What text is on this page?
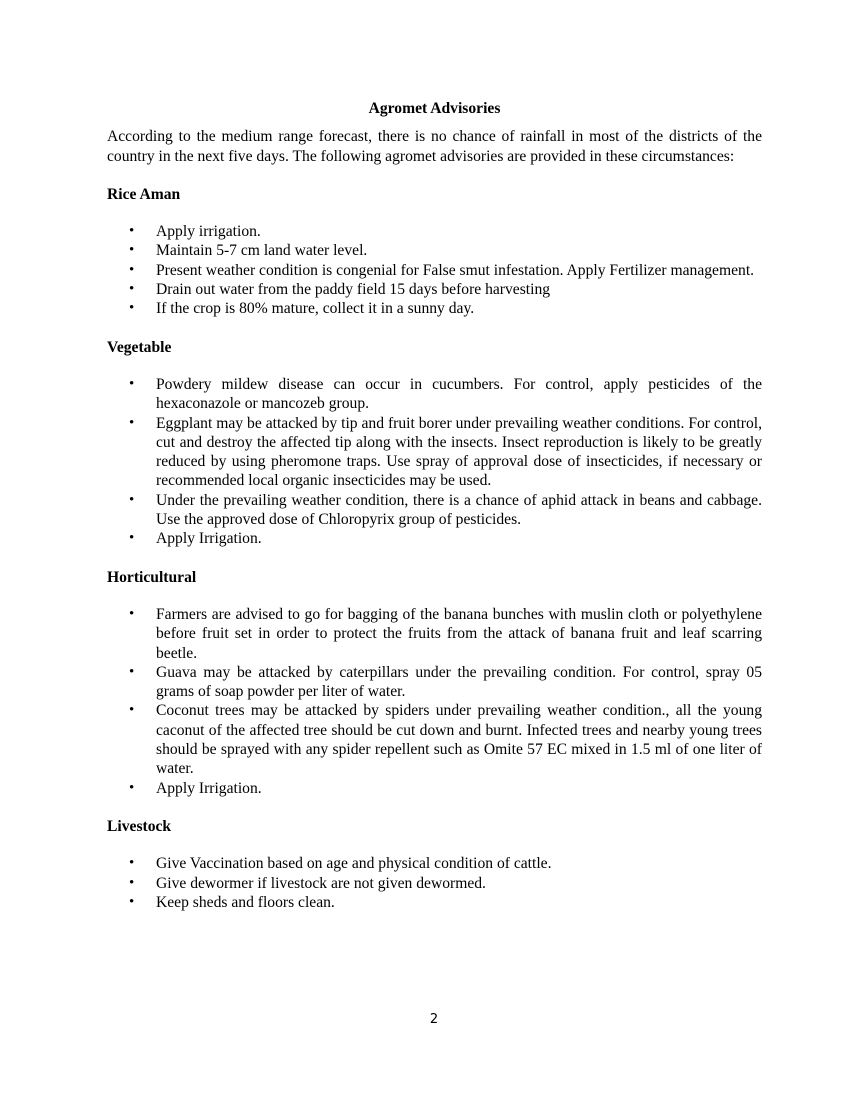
Agromet Advisories

According to the medium range forecast, there is no chance of rainfall in most of the districts of the country in the next five days. The following agromet advisories are provided in these circumstances:

Rice Aman

• Apply irrigation.
• Maintain 5-7 cm land water level.
• Present weather condition is congenial for False smut infestation. Apply Fertilizer management.
• Drain out water from the paddy field 15 days before harvesting
• If the crop is 80% mature, collect it in a sunny day.

Vegetable

• Powdery mildew disease can occur in cucumbers. For control, apply pesticides of the hexaconazole or mancozeb group.
• Eggplant may be attacked by tip and fruit borer under prevailing weather conditions. For control, cut and destroy the affected tip along with the insects. Insect reproduction is likely to be greatly reduced by using pheromone traps. Use spray of approval dose of insecticides, if necessary or recommended local organic insecticides may be used.
• Under the prevailing weather condition, there is a chance of aphid attack in beans and cabbage. Use the approved dose of Chloropyrix group of pesticides.
• Apply Irrigation.

Horticultural

• Farmers are advised to go for bagging of the banana bunches with muslin cloth or polyethylene before fruit set in order to protect the fruits from the attack of banana fruit and leaf scarring beetle.
• Guava may be attacked by caterpillars under the prevailing condition. For control, spray 05 grams of soap powder per liter of water.
• Coconut trees may be attacked by spiders under prevailing weather condition., all the young caconut of the affected tree should be cut down and burnt. Infected trees and nearby young trees should be sprayed with any spider repellent such as Omite 57 EC mixed in 1.5 ml of one liter of water.
• Apply Irrigation.

Livestock

• Give Vaccination based on age and physical condition of cattle.
• Give dewormer if livestock are not given dewormed.
• Keep sheds and floors clean.
2
